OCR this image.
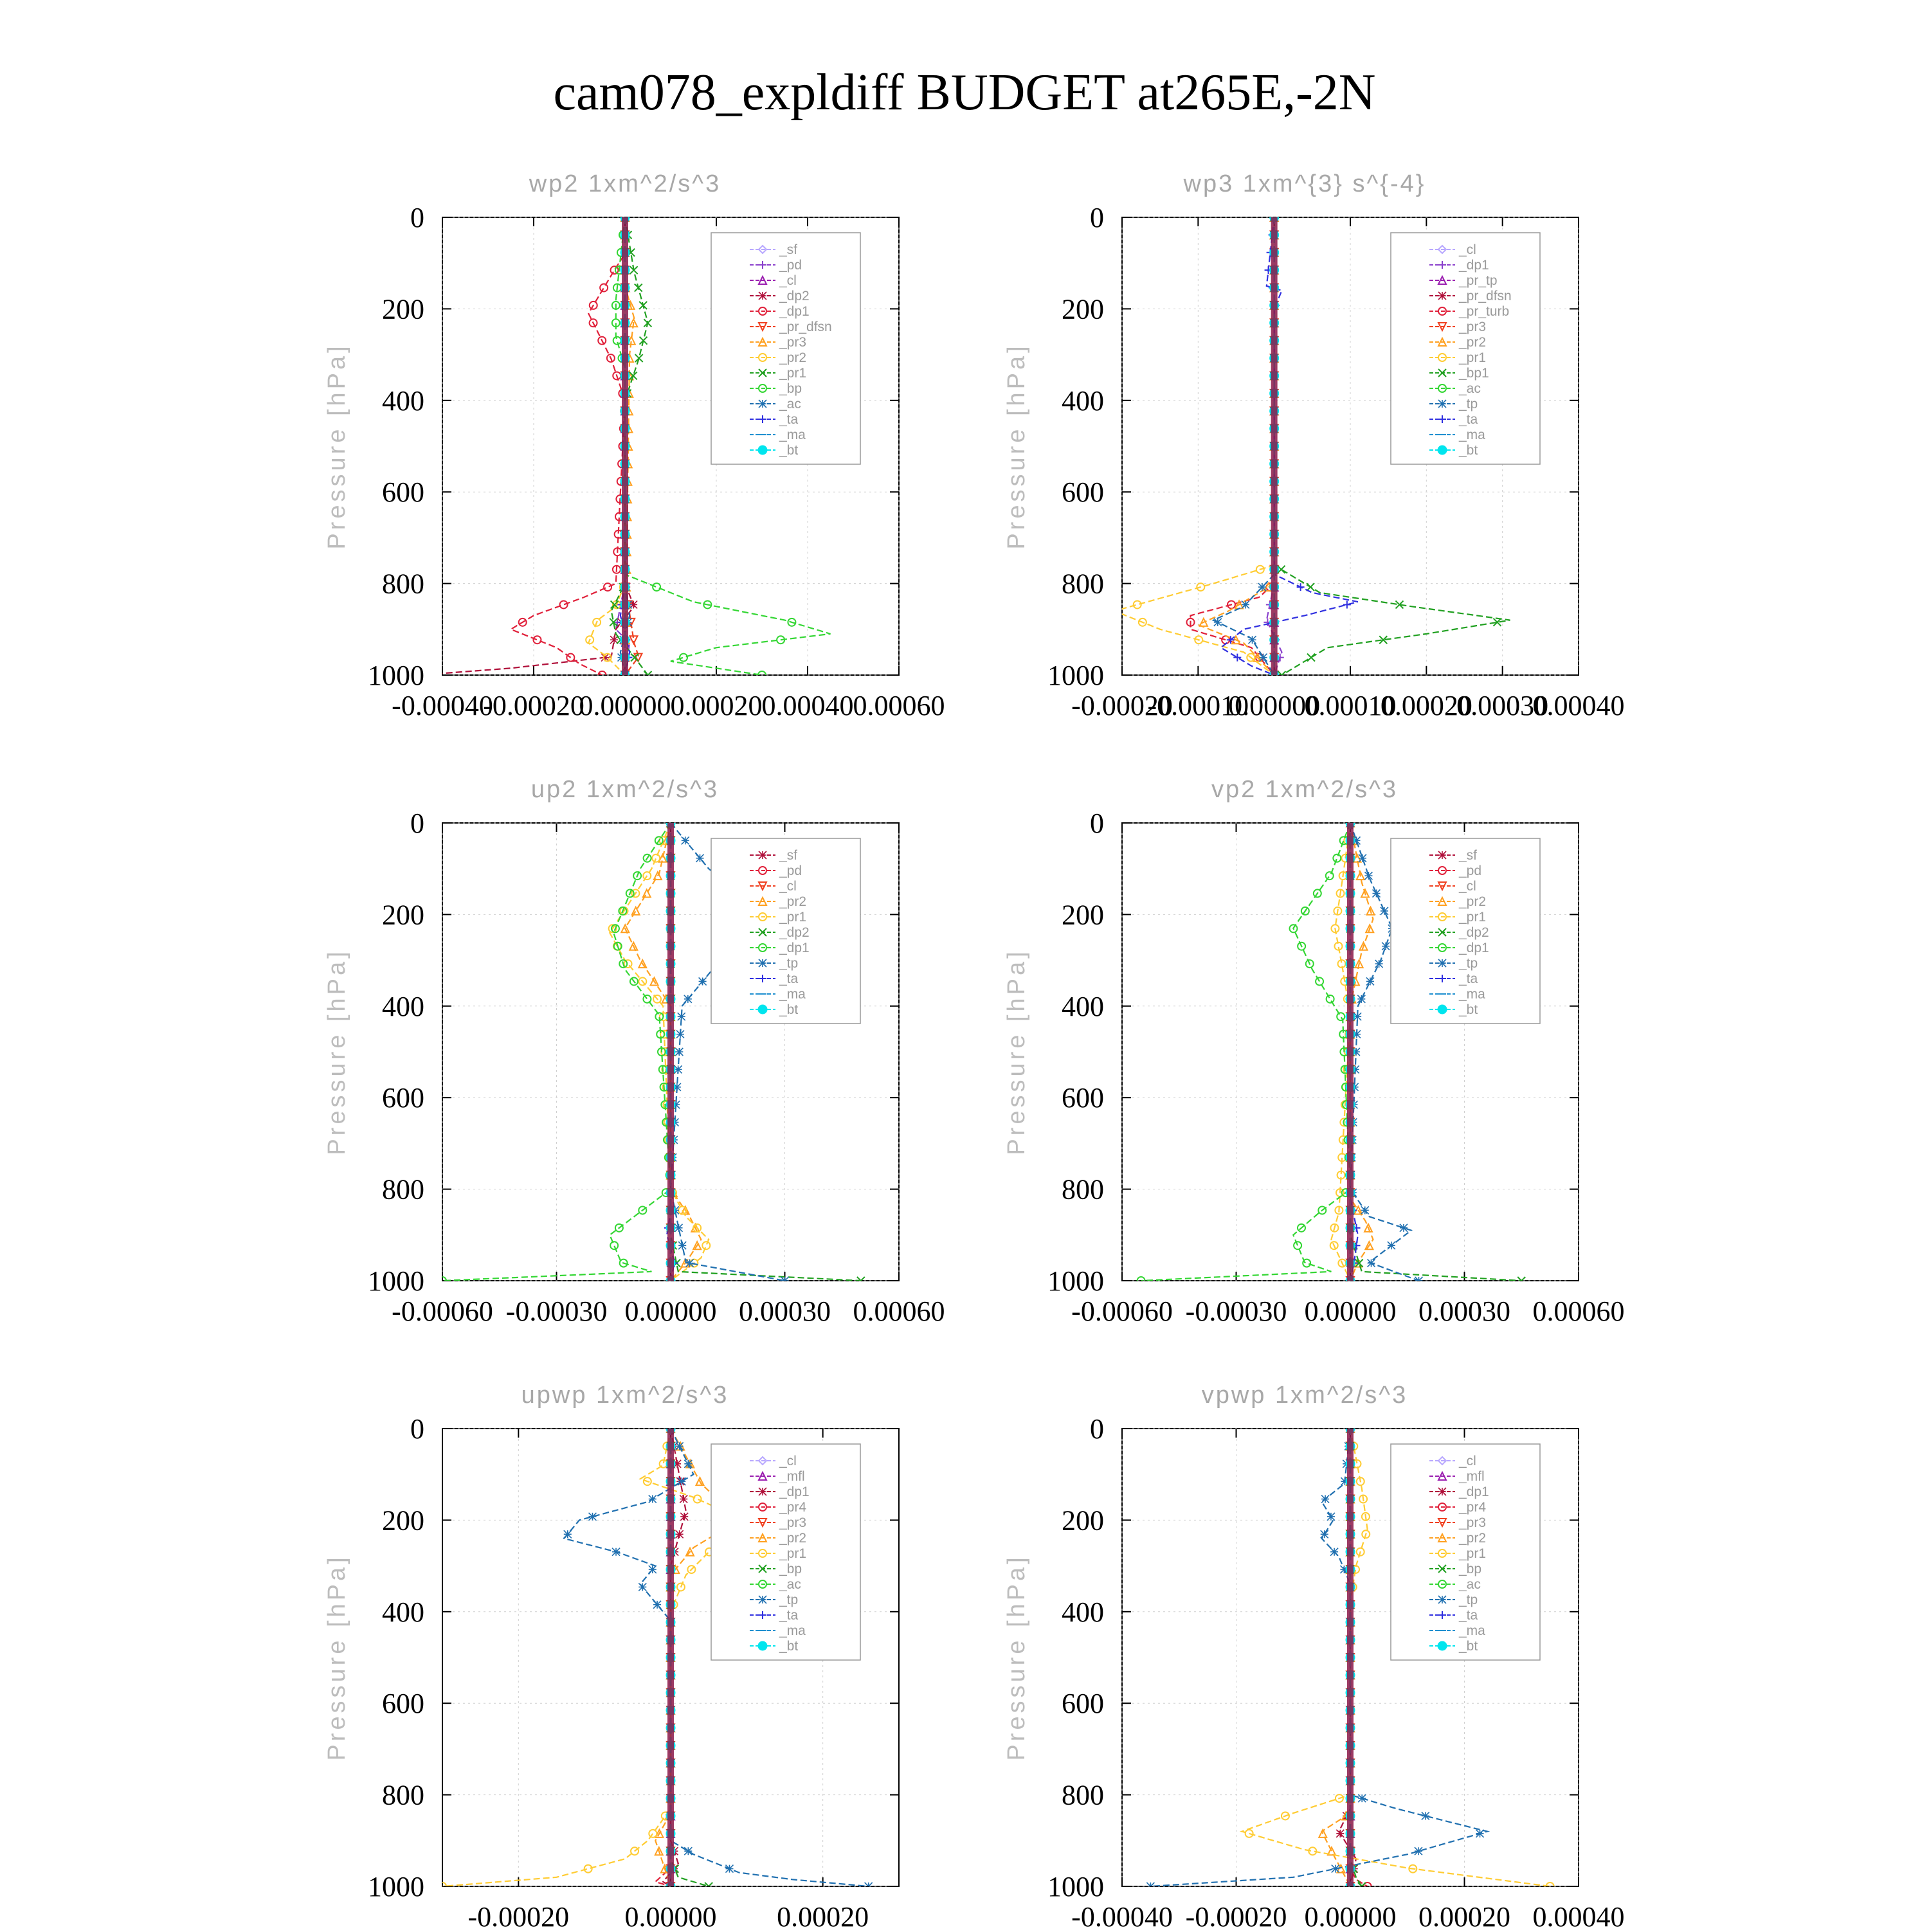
cam078_expldiff BUDGET at265E,-2N
wp2 1xm^2/s^3
Pressure [hPa]
-0.00040
-0.00020
0.00000 0.00020 0.00040 0.00060
0
200
400
600
800
1000
_sf
_pd
_cl
_dp2
_dp1
_pr_dfsn
_pr3
_pr2
_pr1
_bp
_ac
_ta
_ma
_bt
wp3 1xm^{3} s^{-4}
Pressure [hPa]
-0.00020
-0.00010
0.00000
0.00010
0.00020
0.00030
0.00040
0
200
400
600
800
1000
_cl
_dp1
_pr_tp
_pr_dfsn
_pr_turb
_pr3
_pr2
_pr1
_bp1
_ac
_tp
_ta
_ma
_bt
up2 1xm^2/s^3
Pressure [hPa]
-0.00060 -0.00030 0.00000 0.00030 0.00060
0
200
400
600
800
1000
_sf
_pd
_cl
_pr2
_pr1
_dp2
_dp1
_tp
_ta
_ma
_bt
vp2 1xm^2/s^3
Pressure [hPa]
-0.00060 -0.00030 0.00000 0.00030 0.00060
0
200
400
600
800
1000
_sf
_pd
_cl
_pr2
_pr1
_dp2
_dp1
_tp
_ta
_ma
_bt
upwp 1xm^2/s^3
Pressure [hPa]
-0.00020 0.00000 0.00020
0
200
400
600
800
1000
_cl
_mfl
_dp1
_pr4
_pr3
_pr2
_pr1
_bp
_ac
_tp
_ta
_ma
_bt
vpwp 1xm^2/s^3
Pressure [hPa]
-0.00040 -0.00020 0.00000 0.00020 0.00040
0
200
400
600
800
1000
_cl
_mfl
_dp1
_pr4
_pr3
_pr2
_pr1
_bp
_ac
_tp
_ta
_ma
_bt
